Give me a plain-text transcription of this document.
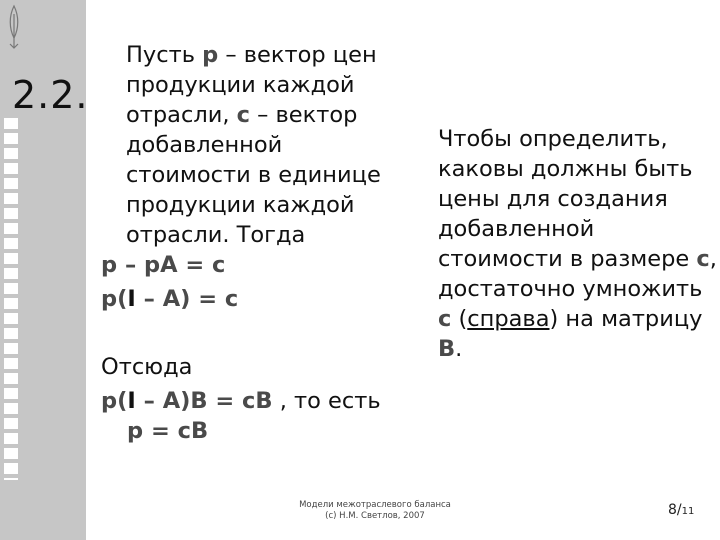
2.2.
Пусть p – вектор цен
продукции каждой
отрасли, c – вектор
добавленной
стоимости в единице
продукции каждой
отрасли. Тогда
p – pA = c
p(I – A) = c
Отсюда
p(I – A)B = cB , то есть
p = cB
Чтобы определить,
каковы должны быть
цены для создания
добавленной
стоимости в размере c,
достаточно умножить
c (справа) на матрицу
B.
Модели межотраслевого баланса
(c) Н.М. Светлов, 2007	8/11
